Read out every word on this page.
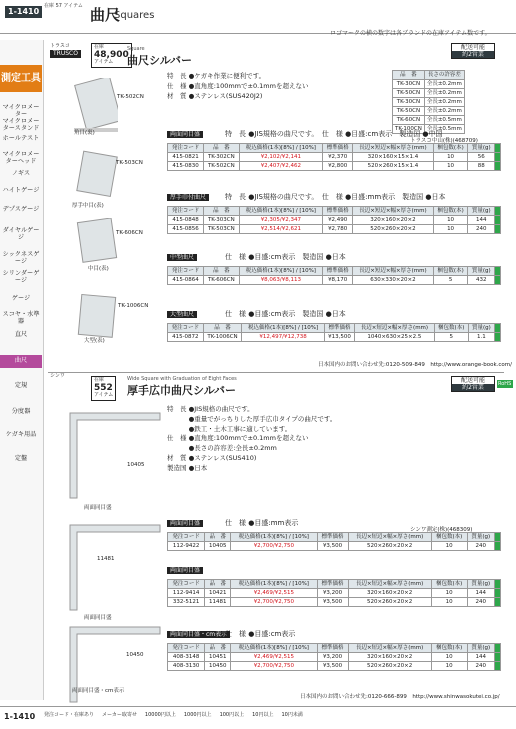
1-1410
在庫 57 アイテム 曲尺
Squares
ロゴマークの横の数字は各ブランドの在庫アイテム数です。
測定工具
トラスコ
TRUSCO
在庫
48,900
アイテム
Square
曲尺シルバー
配送可能
約2営業
特　長 ●ケガキ作業に便利です。
仕　様 ●直角度:100mmで±0.1mmを超えない
材　質 ●ステンレス(SUS420J2)
品　番	長さの許容差
TK-30CN	全長±0.2mm
TK-50CN	全長±0.2mm
TK-30CN	全長±0.2mm
TK-50CN	全長±0.2mm
TK-60CN	全長±0.5mm
TK-100CN	全長±0.5mm
TK-502CN
角目(裏)
TK-503CN
厚手中目(表)
TK-606CN
中目(表)
TK-1006CN
大型(表)
両面同目盛	特　長 ●JIS規格の曲尺です。　仕　様 ●目盛:cm表示　製造国 ●中国
トラスコ中山(株)(468709)
発注コード	品　番	税込価格(1本)[8%] / [10%]	標準価格	長辺×短辺×幅×厚さ(mm)	梱包数(本)	質量(g)	
415-0821	TK-302CN	¥2,102/¥2,141	¥2,370	320×160×15×1.4	10	56	
415-0830	TK-502CN	¥2,407/¥2,462	¥2,800	520×260×15×1.4	10	88	
厚手巾付曲尺	特　長 ●JIS規格の曲尺です。　仕　様 ●目盛:mm表示　製造国 ●日本
発注コード	品　番	税込価格(1本)[8%] / [10%]	標準価格	長辺×短辺×幅×厚さ(mm)	梱包数(本)	質量(g)	
415-0848	TK-303CN	¥2,305/¥2,347	¥2,490	320×160×20×2	10	144	
415-0856	TK-503CN	¥2,514/¥2,621	¥2,780	520×260×20×2	10	240	
中型曲尺	仕　様 ●目盛:cm表示　製造国 ●日本
発注コード	品　番	税込価格(1本)[8%] / [10%]	標準価格	長辺×短辺×幅×厚さ(mm)	梱包数(本)	質量(g)	
415-0864	TK-606CN	¥8,063/¥8,113	¥8,170	630×330×20×2	5	432	
大型曲尺	仕　様 ●目盛:cm表示　製造国 ●日本
発注コード	品　番	税込価格(1本)[8%] / [10%]	標準価格	長辺×短辺×幅×厚さ(mm)	梱包数(本)	質量(g)	
415-0872	TK-1006CN	¥12,497/¥12,738	¥13,500	1040×630×25×2.5	5	1.1	
日本国内のお問い合わせ先:0120-509-849　http://www.orange-book.com/
シンワ
在庫
552
アイテム
Wide Square with Graduation of Eight Faces
厚手広巾曲尺シルバー
配送可能
約2営業
RoHS
特　長 ●JIS規格の曲尺です。
　　　 ●重量でがっちりした厚手広巾タイプの曲尺です。
　　　 ●鉄工・土木工事に適しています。
仕　様 ●直角度:100mmで±0.1mmを超えない
　　　 ●長さの許容差:全長±0.2mm
材　質 ●ステンレス(SUS410)
製造国 ●日本
10405
両面同目盛
11481
両面同目盛
10450
両面同目盛・cm表示
両面同目盛	仕　様 ●目盛:mm表示
シンワ測定(株)(468309)
発注コード	品　番	税込価格(1本)[8%] / [10%]	標準価格	長辺×短辺×幅×厚さ(mm)	梱包数(本)	質量(g)	
112-9422	10405	¥2,700/¥2,750	¥3,500	520×260×20×2	10	240	
両面同目盛
発注コード	品　番	税込価格(1本)[8%] / [10%]	標準価格	長辺×短辺×幅×厚さ(mm)	梱包数(本)	質量(g)	
112-9414	10421	¥2,469/¥2,515	¥3,200	320×160×20×2	10	144	
332-5121	11481	¥2,700/¥2,750	¥3,500	520×260×20×2	10	240	
両面同目盛・cm表示
仕　様 ●目盛:cm表示
発注コード	品　番	税込価格(1本)[8%] / [10%]	標準価格	長辺×短辺×幅×厚さ(mm)	梱包数(本)	質量(g)	
408-3148	10451	¥2,469/¥2,515	¥3,200	320×160×20×2	10	144	
408-3130	10450	¥2,700/¥2,750	¥3,500	520×260×20×2	10	240	
日本国内のお問い合わせ先:0120-666-899　http://www.shinwasokutei.co.jp/
1-1410 発注コード・在庫あり メーカー取寄せ 10000円以上 1000円以上 100円以上 10円以上 10円未満
マイクロメーター
マイクロメータースタンド
ホールテスト
マイクロメーターヘッド
ノギス
ハイトゲージ
デプスゲージ
ダイヤルゲージ
シックネスゲージ
シリンダーゲージ
ゲージ
スコヤ・水準器
直尺
曲尺
定規
分度器
ケガキ用品
定盤
